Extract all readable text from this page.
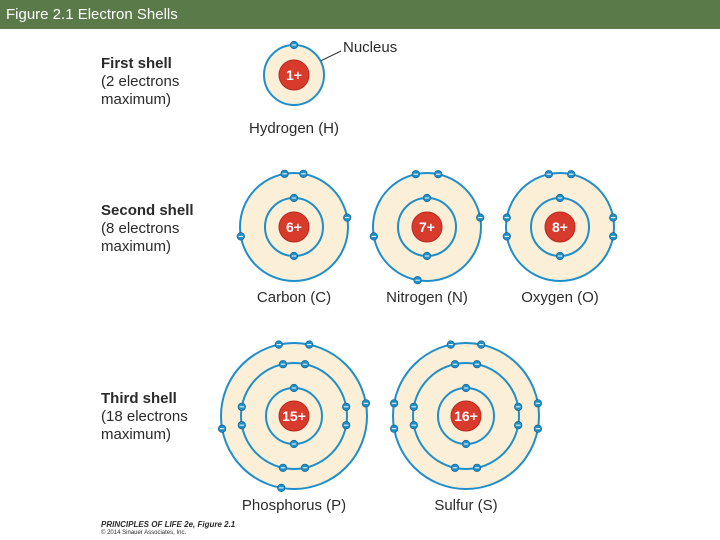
Figure 2.1 Electron Shells
First shell
(2 electrons
maximum)
Second shell
(8 electrons
maximum)
Third shell
(18 electrons
maximum)
Nucleus
1+
6+	7+	8+
15+	16+
Hydrogen (H)
Carbon (C)	Nitrogen (N)	Oxygen (O)
Phosphorus (P)	Sulfur (S)
PRINCIPLES OF LIFE 2e, Figure 2.1
© 2014 Sinauer Associates, Inc.
